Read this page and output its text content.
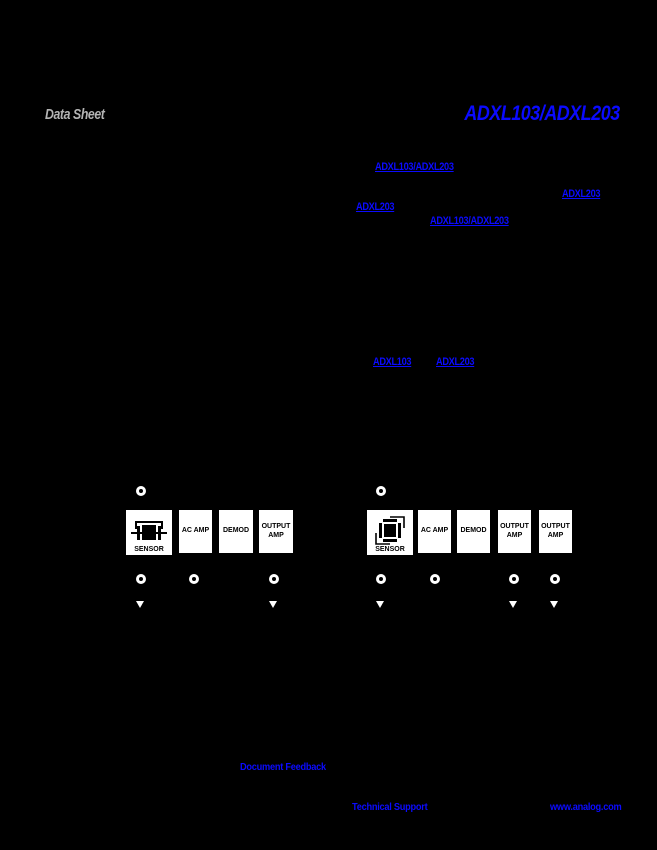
Data Sheet	ADXL103/ADXL203
ADXL103/ADXL203
ADXL203
ADXL203
ADXL103/ADXL203
ADXL103 ADXL203
SENSOR
AC AMP DEMOD
OUTPUT AMP
SENSOR
AC AMP DEMOD
OUTPUT AMP
OUTPUT AMP
Document Feedback
Technical Support	www.analog.com
